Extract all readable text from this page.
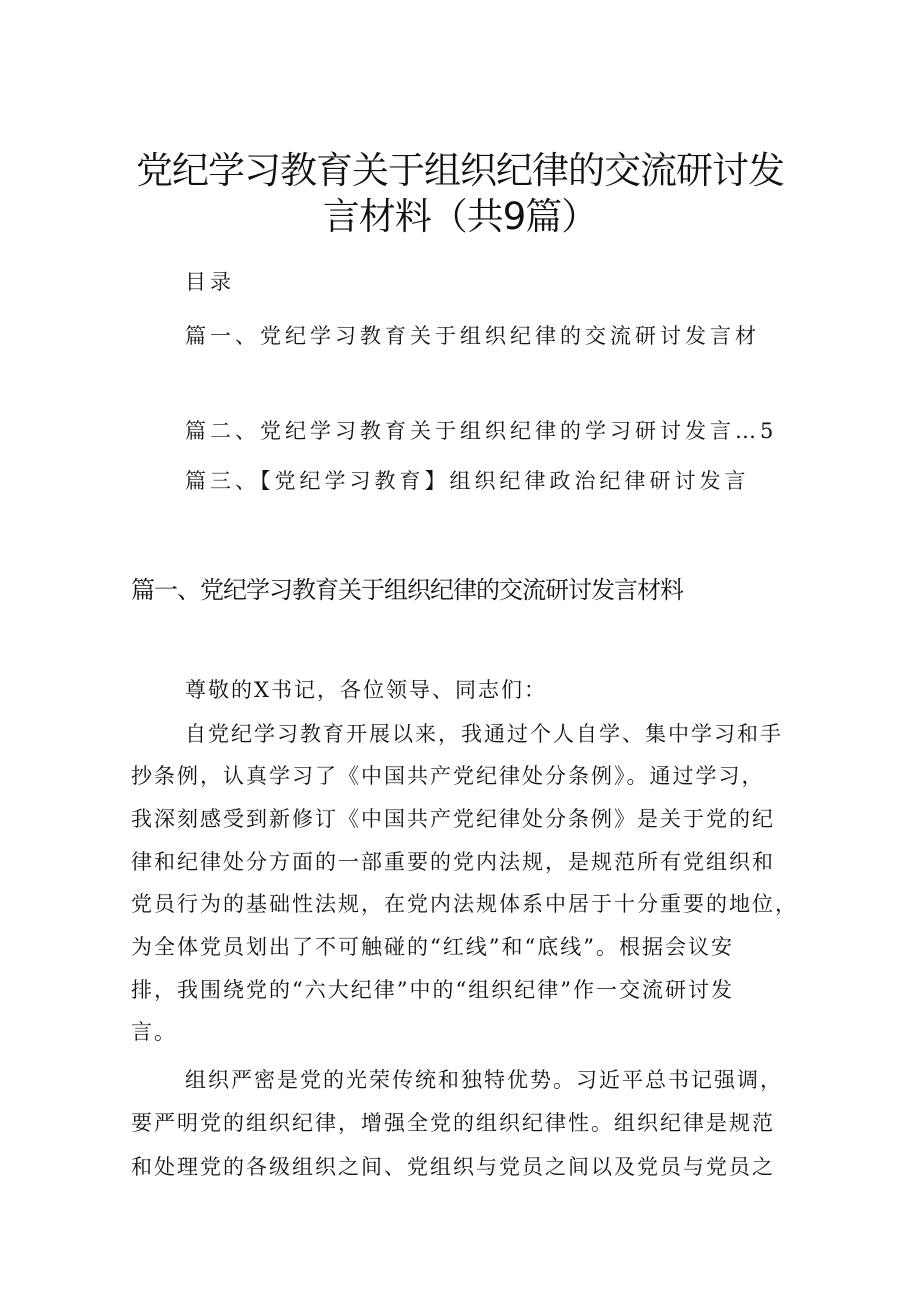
党纪学习教育关于组织纪律的交流研讨发
言材料（共9篇）

目录

篇一、党纪学习教育关于组织纪律的交流研讨发言材

篇二、党纪学习教育关于组织纪律的学习研讨发言…5

篇三、【党纪学习教育】组织纪律政治纪律研讨发言

篇一、党纪学习教育关于组织纪律的交流研讨发言材料

尊敬的X书记，各位领导、同志们：

自党纪学习教育开展以来，我通过个人自学、集中学习和手

抄条例，认真学习了《中国共产党纪律处分条例》。通过学习，

我深刻感受到新修订《中国共产党纪律处分条例》是关于党的纪

律和纪律处分方面的一部重要的党内法规，是规范所有党组织和

党员行为的基础性法规，在党内法规体系中居于十分重要的地位，

为全体党员划出了不可触碰的“红线”和“底线”。根据会议安

排，我围绕党的“六大纪律”中的“组织纪律”作一交流研讨发

言。

组织严密是党的光荣传统和独特优势。习近平总书记强调，

要严明党的组织纪律，增强全党的组织纪律性。组织纪律是规范

和处理党的各级组织之间、党组织与党员之间以及党员与党员之
